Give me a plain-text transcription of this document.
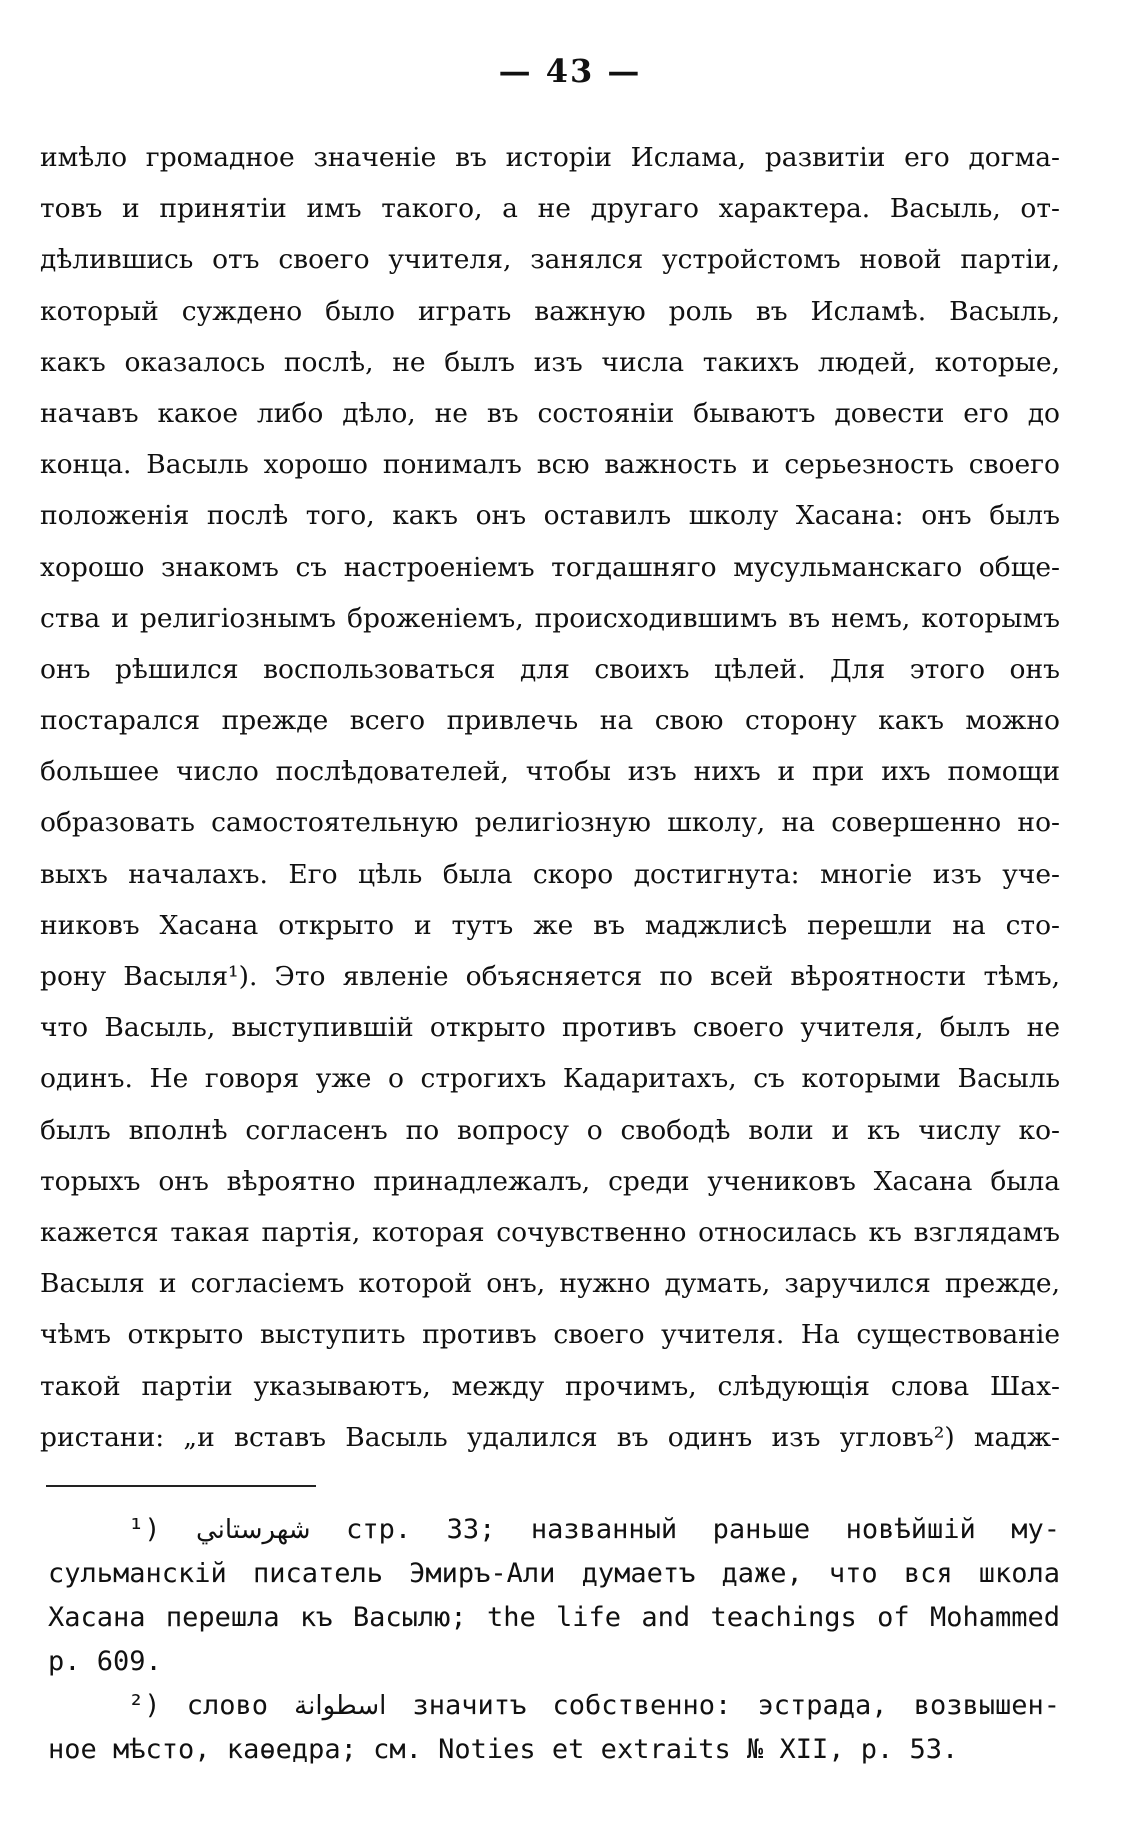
— 43 —
имѣло громадное значеніе въ исторіи Ислама, развитіи его догма-
товъ и принятіи имъ такого, а не другаго характера. Васыль, от-
дѣлившись отъ своего учителя, занялся устройстомъ новой партіи,
который суждено было играть важную роль въ Исламѣ. Васыль,
какъ оказалось послѣ, не былъ изъ числа такихъ людей, которые,
начавъ какое либо дѣло, не въ состояніи бываютъ довести его до
конца. Васыль хорошо понималъ всю важность и серьезность своего
положенія послѣ того, какъ онъ оставилъ школу Хасана: онъ былъ
хорошо знакомъ съ настроеніемъ тогдашняго мусульманскаго обще-
ства и религіознымъ броженіемъ, происходившимъ въ немъ, которымъ
онъ рѣшился воспользоваться для своихъ цѣлей. Для этого онъ
постарался прежде всего привлечь на свою сторону какъ можно
большее число послѣдователей, чтобы изъ нихъ и при ихъ помощи
образовать самостоятельную религіозную школу, на совершенно но-
выхъ началахъ. Его цѣль была скоро достигнута: многіе изъ уче-
никовъ Хасана открыто и тутъ же въ маджлисѣ перешли на сто-
рону Васыля¹). Это явленіе объясняется по всей вѣроятности тѣмъ,
что Васыль, выступившій открыто противъ своего учителя, былъ не
одинъ. Не говоря уже о строгихъ Кадаритахъ, съ которыми Васыль
былъ вполнѣ согласенъ по вопросу о свободѣ воли и къ числу ко-
торыхъ онъ вѣроятно принадлежалъ, среди учениковъ Хасана была
кажется такая партія, которая сочувственно относилась къ взглядамъ
Васыля и согласіемъ которой онъ, нужно думать, заручился прежде,
чѣмъ открыто выступить противъ своего учителя. На существованіе
такой партіи указываютъ, между прочимъ, слѣдующія слова Шах-
ристани: „и вставъ Васыль удалился въ одинъ изъ угловъ²) мадж-
¹) شهرستاني стр. 33; названный раньше новѣйшій му-
сульманскій писатель Эмиръ-Али думаетъ даже, что вся школа
Хасана перешла къ Васылю; the life and teachings of Mohammed
p. 609.
²) слово اسطوانة значитъ собственно: эстрада, возвышен-
ное мѣсто, каѳедра; см. Noties et extraits № XII, p. 53.
